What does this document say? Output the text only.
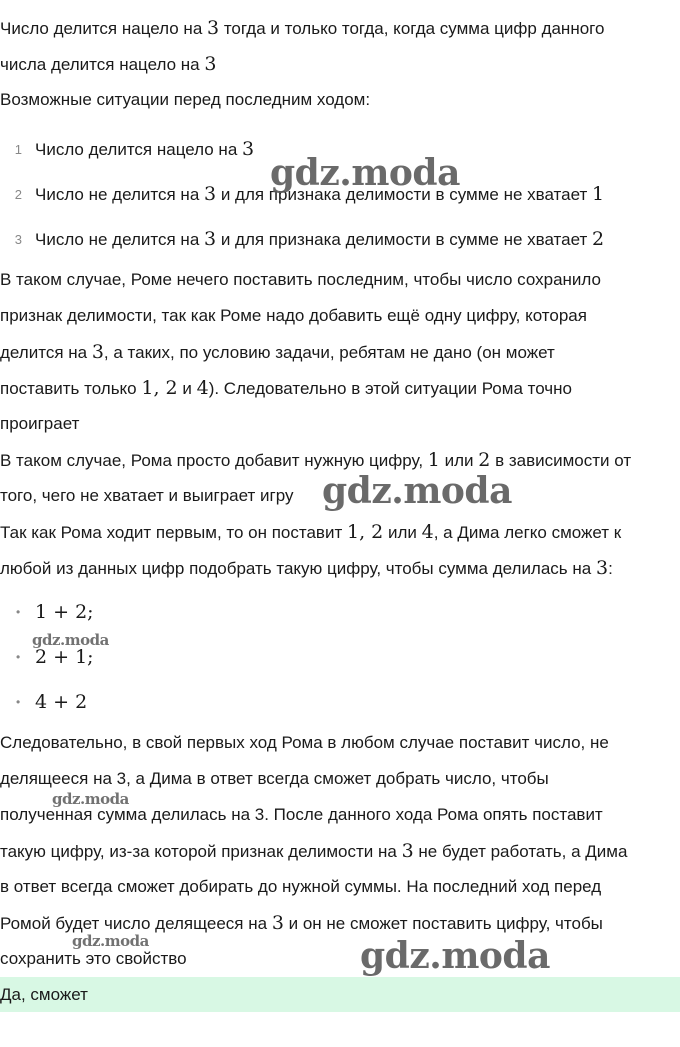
Число делится нацело на 3 тогда и только тогда, когда сумма цифр данного
числа делится нацело на 3
Возможные ситуации перед последним ходом:
1 Число делится нацело на 3
2 Число не делится на 3 и для признака делимости в сумме не хватает 1
3 Число не делится на 3 и для признака делимости в сумме не хватает 2
В таком случае, Роме нечего поставить последним, чтобы число сохранило
признак делимости, так как Роме надо добавить ещё одну цифру, которая
делится на 3, а таких, по условию задачи, ребятам не дано (он может
поставить только 1, 2 и 4). Следовательно в этой ситуации Рома точно
проиграет
В таком случае, Рома просто добавит нужную цифру, 1 или 2 в зависимости от
того, чего не хватает и выиграет игру
Так как Рома ходит первым, то он поставит 1, 2 или 4, а Дима легко сможет к
любой из данных цифр подобрать такую цифру, чтобы сумма делилась на 3:
• 1 + 2;
• 2 + 1;
• 4 + 2
Следовательно, в свой первых ход Рома в любом случае поставит число, не
делящееся на 3, а Дима в ответ всегда сможет добрать число, чтобы
полученная сумма делилась на 3. После данного хода Рома опять поставит
такую цифру, из-за которой признак делимости на 3 не будет работать, а Дима
в ответ всегда сможет добирать до нужной суммы. На последний ход перед
Ромой будет число делящееся на 3 и он не сможет поставить цифру, чтобы
сохранить это свойство
Да, сможет
gdz.moda
gdz.moda
gdz.moda
gdz.moda
gdz.moda	gdz.moda
